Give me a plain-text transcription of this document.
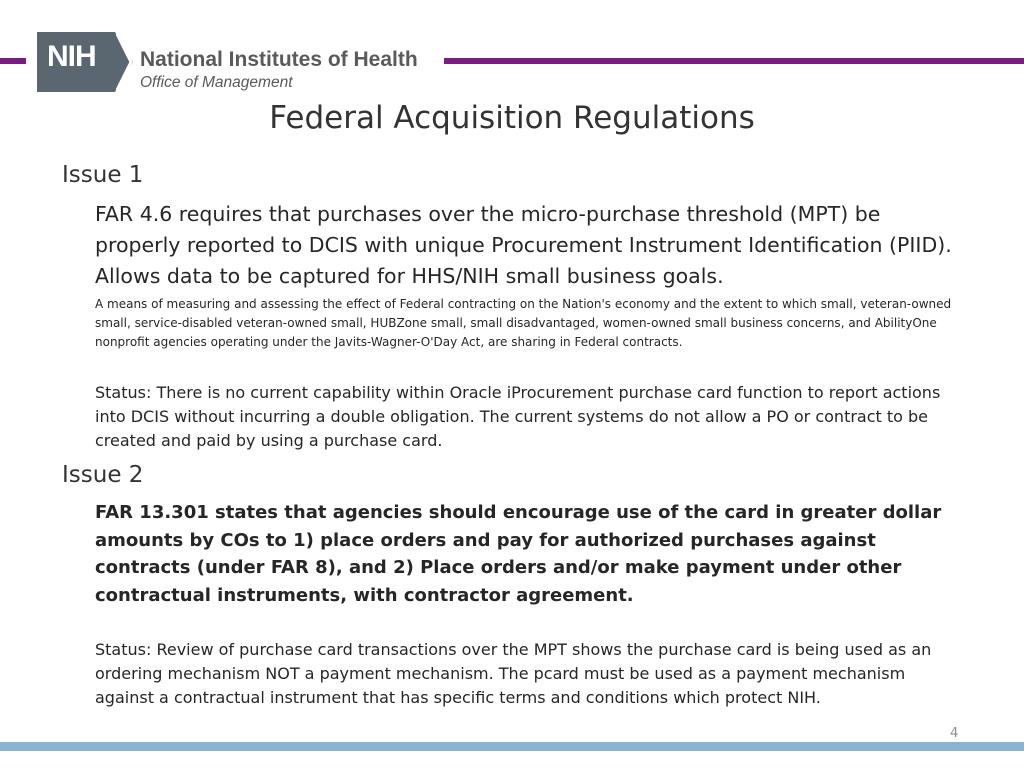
NIH National Institutes of Health
Office of Management
Federal Acquisition Regulations
Issue 1
FAR 4.6 requires that purchases over the micro-purchase threshold (MPT) be properly reported to DCIS with unique Procurement Instrument Identification (PIID). Allows data to be captured for HHS/NIH small business goals.
A means of measuring and assessing the effect of Federal contracting on the Nation's economy and the extent to which small, veteran-owned small, service-disabled veteran-owned small, HUBZone small, small disadvantaged, women-owned small business concerns, and AbilityOne nonprofit agencies operating under the Javits-Wagner-O'Day Act, are sharing in Federal contracts.
Status: There is no current capability within Oracle iProcurement purchase card function to report actions into DCIS without incurring a double obligation. The current systems do not allow a PO or contract to be created and paid by using a purchase card.
Issue 2
FAR 13.301 states that agencies should encourage use of the card in greater dollar amounts by COs to 1) place orders and pay for authorized purchases against contracts (under FAR 8), and 2) Place orders and/or make payment under other contractual instruments, with contractor agreement.
Status: Review of purchase card transactions over the MPT shows the purchase card is being used as an ordering mechanism NOT a payment mechanism. The pcard must be used as a payment mechanism against a contractual instrument that has specific terms and conditions which protect NIH.
4
